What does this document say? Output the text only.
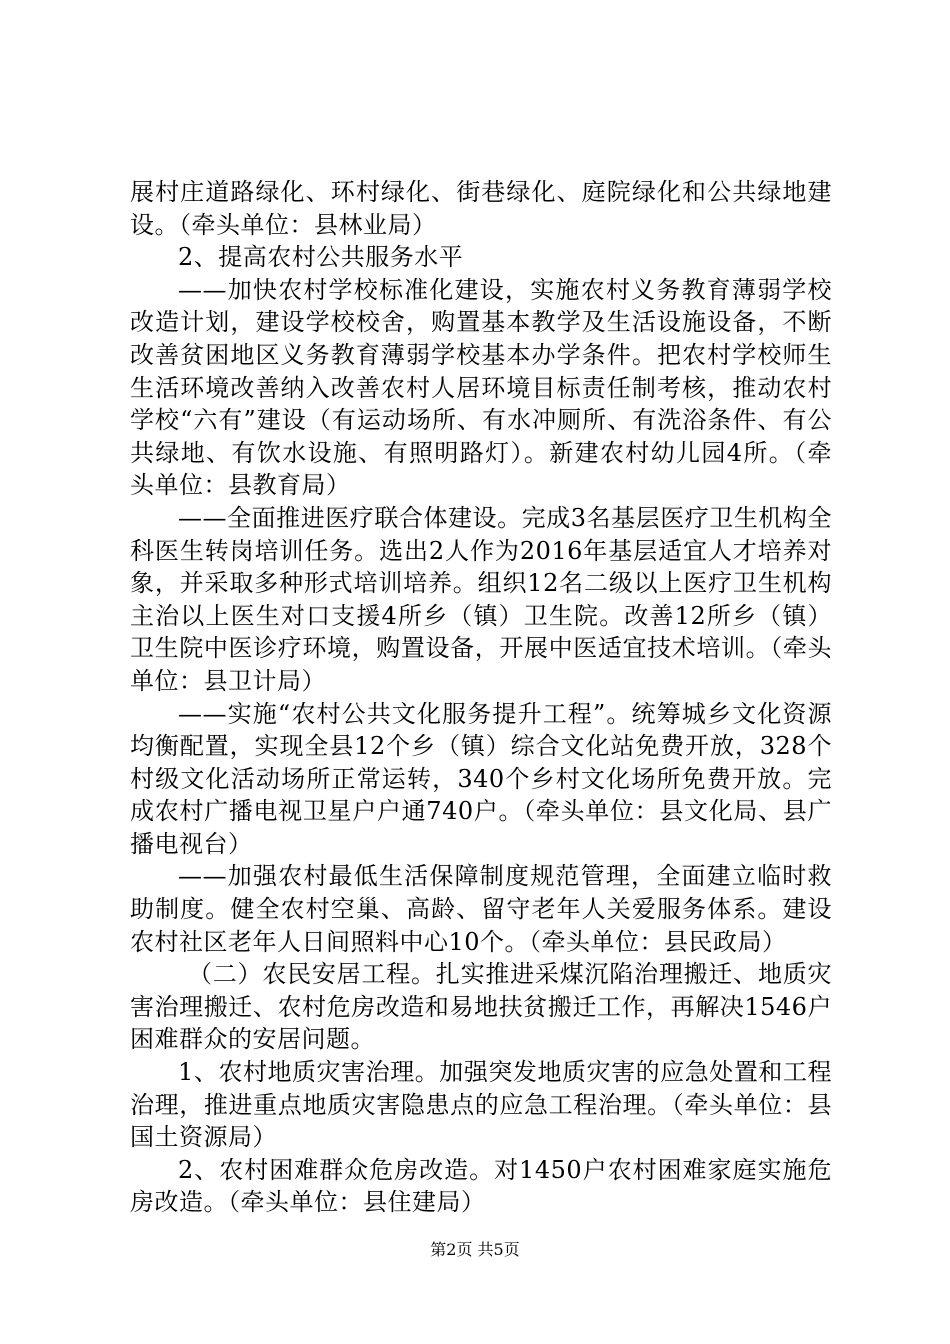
展村庄道路绿化、环村绿化、街巷绿化、庭院绿化和公共绿地建设。（牵头单位：县林业局）

2、提高农村公共服务水平

——加快农村学校标准化建设，实施农村义务教育薄弱学校改造计划，建设学校校舍，购置基本教学及生活设施设备，不断改善贫困地区义务教育薄弱学校基本办学条件。把农村学校师生生活环境改善纳入改善农村人居环境目标责任制考核，推动农村学校“六有”建设（有运动场所、有水冲厕所、有洗浴条件、有公共绿地、有饮水设施、有照明路灯）。新建农村幼儿园4所。（牵头单位：县教育局）

——全面推进医疗联合体建设。完成3名基层医疗卫生机构全科医生转岗培训任务。选出2人作为2016年基层适宜人才培养对象，并采取多种形式培训培养。组织12名二级以上医疗卫生机构主治以上医生对口支援4所乡（镇）卫生院。改善12所乡（镇）卫生院中医诊疗环境，购置设备，开展中医适宜技术培训。（牵头单位：县卫计局）

——实施“农村公共文化服务提升工程”。统筹城乡文化资源均衡配置，实现全县12个乡（镇）综合文化站免费开放，328个村级文化活动场所正常运转，340个乡村文化场所免费开放。完成农村广播电视卫星户户通740户。（牵头单位：县文化局、县广播电视台）

——加强农村最低生活保障制度规范管理，全面建立临时救助制度。健全农村空巢、高龄、留守老年人关爱服务体系。建设农村社区老年人日间照料中心10个。（牵头单位：县民政局）

（二）农民安居工程。扎实推进采煤沉陷治理搬迁、地质灾害治理搬迁、农村危房改造和易地扶贫搬迁工作，再解决1546户困难群众的安居问题。

1、农村地质灾害治理。加强突发地质灾害的应急处置和工程治理，推进重点地质灾害隐患点的应急工程治理。（牵头单位：县国土资源局）

2、农村困难群众危房改造。对1450户农村困难家庭实施危房改造。（牵头单位：县住建局）

第2页 共5页
